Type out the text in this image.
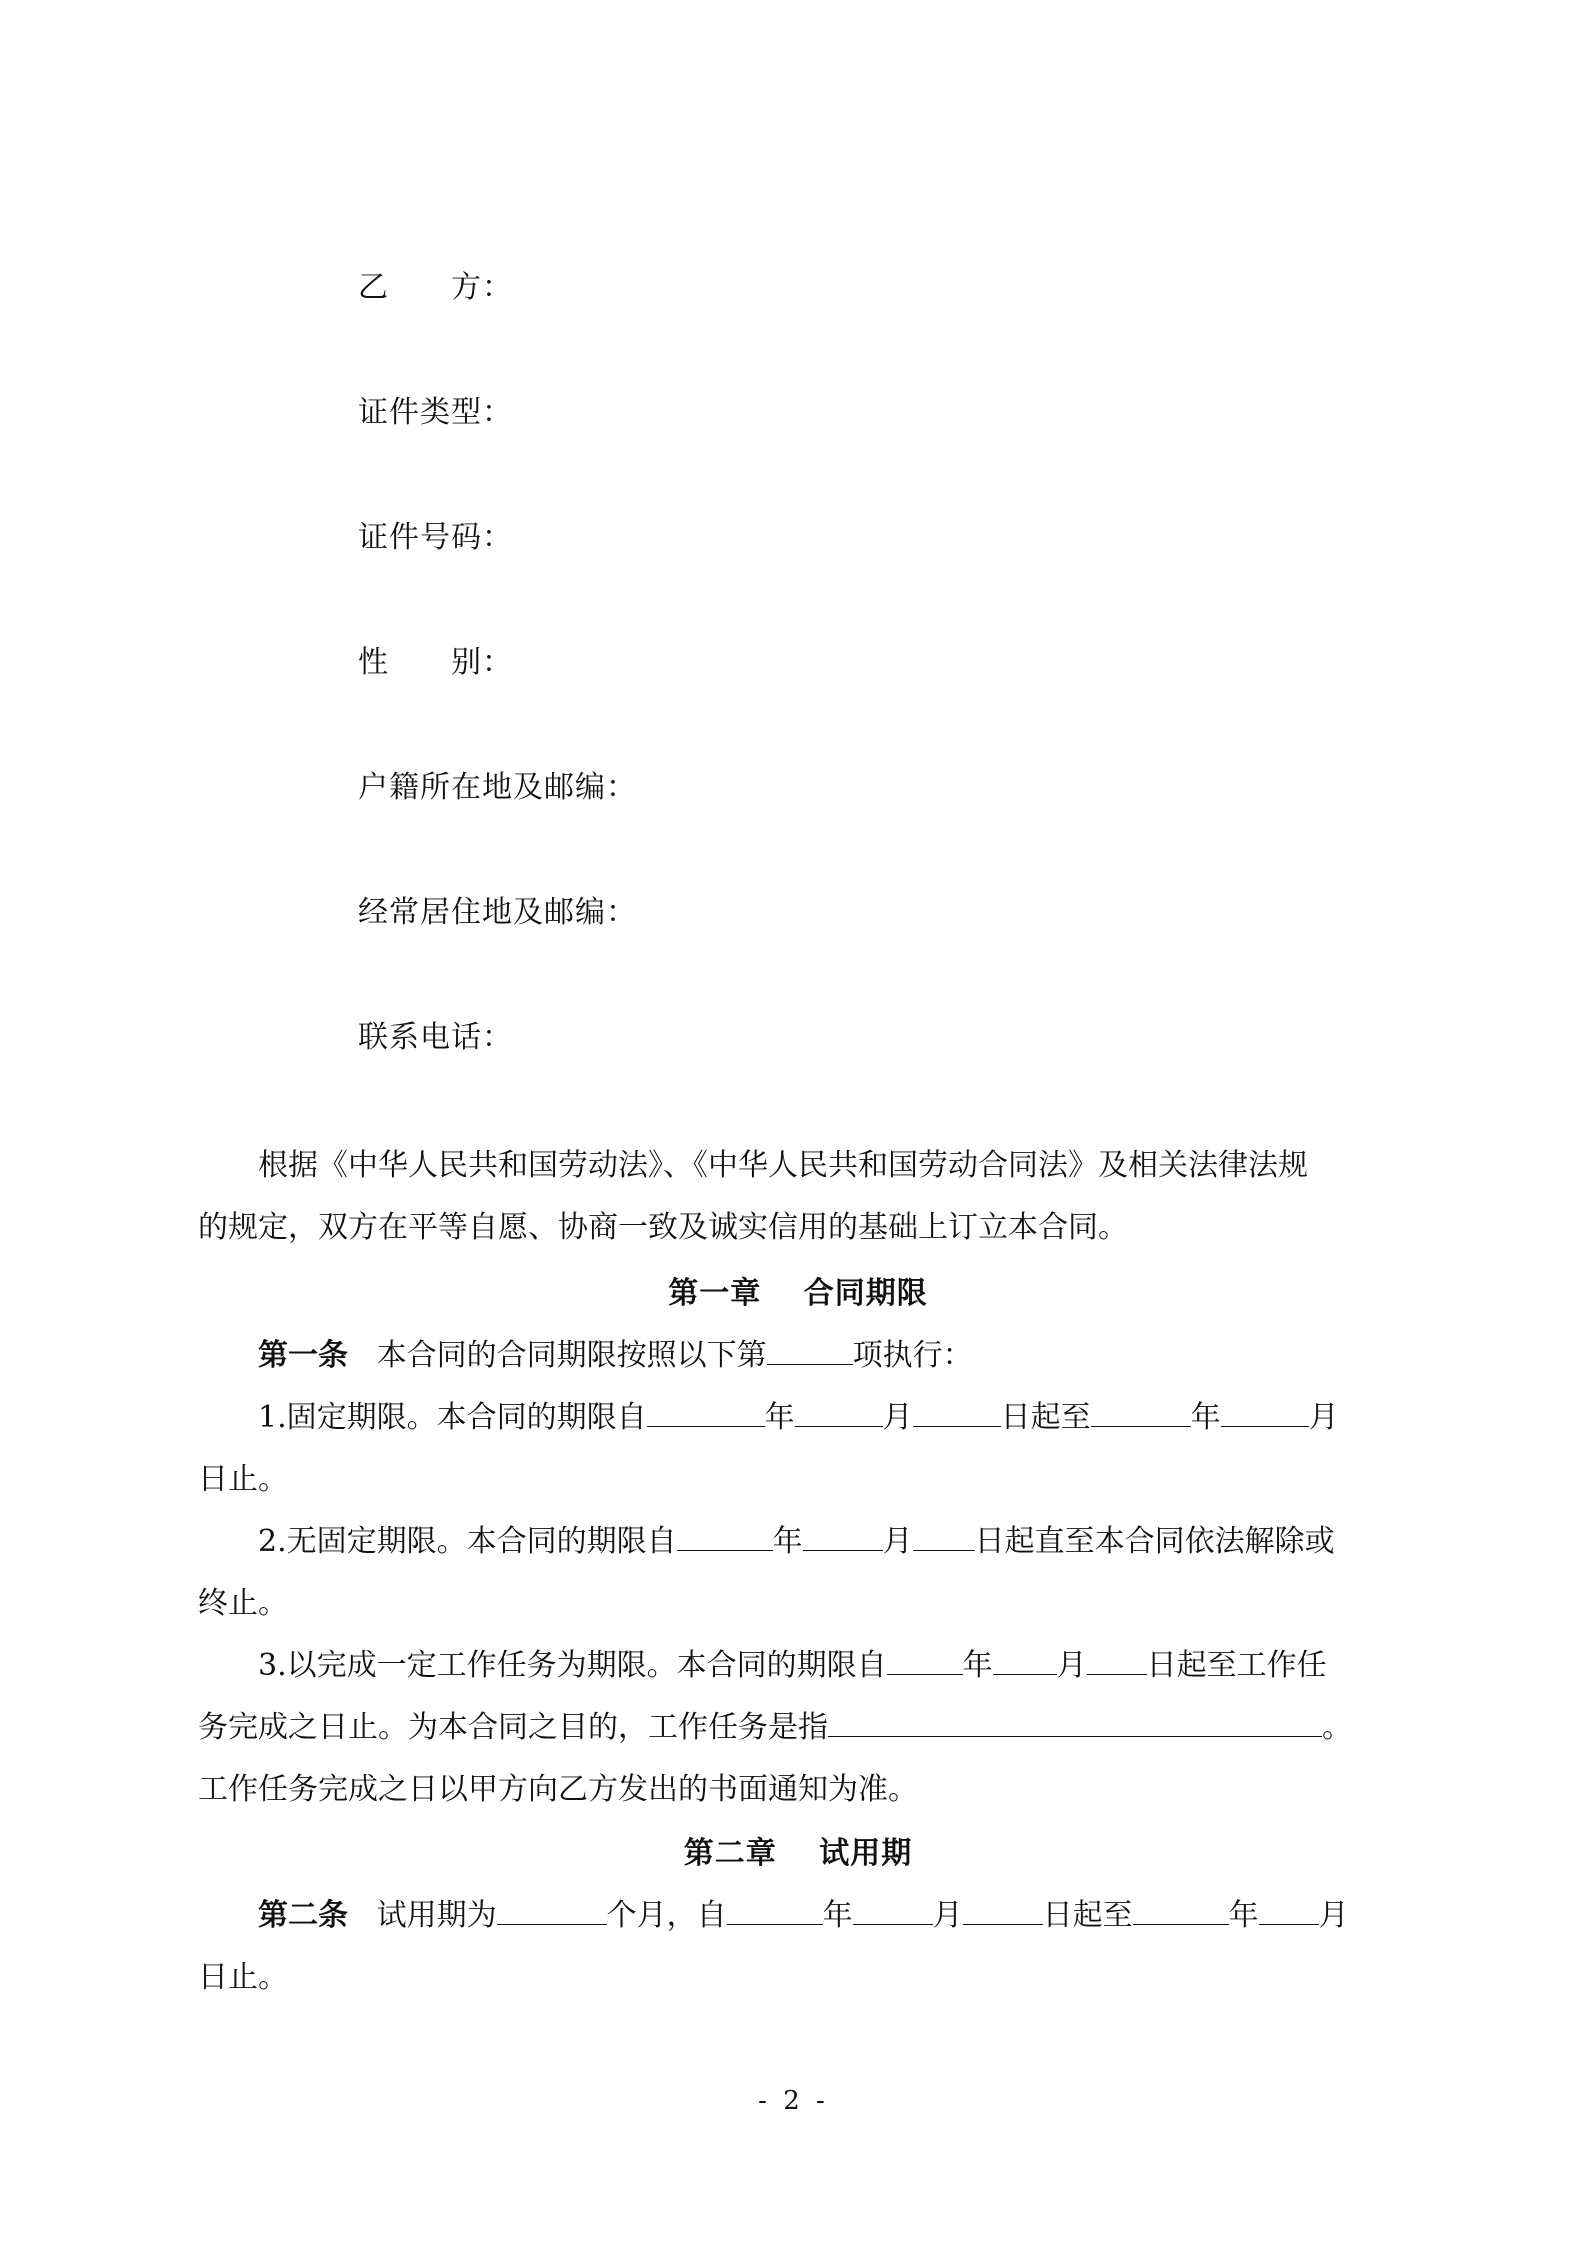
乙　　方：
证件类型：
证件号码：
性　　别：
户籍所在地及邮编：
经常居住地及邮编：
联系电话：
根据《中华人民共和国劳动法》、《中华人民共和国劳动合同法》及相关法律法规
的规定，双方在平等自愿、协商一致及诚实信用的基础上订立本合同。
第一章　 合同期限
第一条 本合同的合同期限按照以下第	项执行：
1.固定期限。本合同的期限自	年	月	日起至	年	月
日止。
2.无固定期限。本合同的期限自	年	月 日起直至本合同依法解除或
终止。
3.以完成一定工作任务为期限。本合同的期限自	年 月 日起至工作任
务完成之日止。为本合同之目的，工作任务是指	。
工作任务完成之日以甲方向乙方发出的书面通知为准。
第二章　 试用期
第二条 试用期为	个月，自	年	月	日起至	年 月
日止。
- 2 -
